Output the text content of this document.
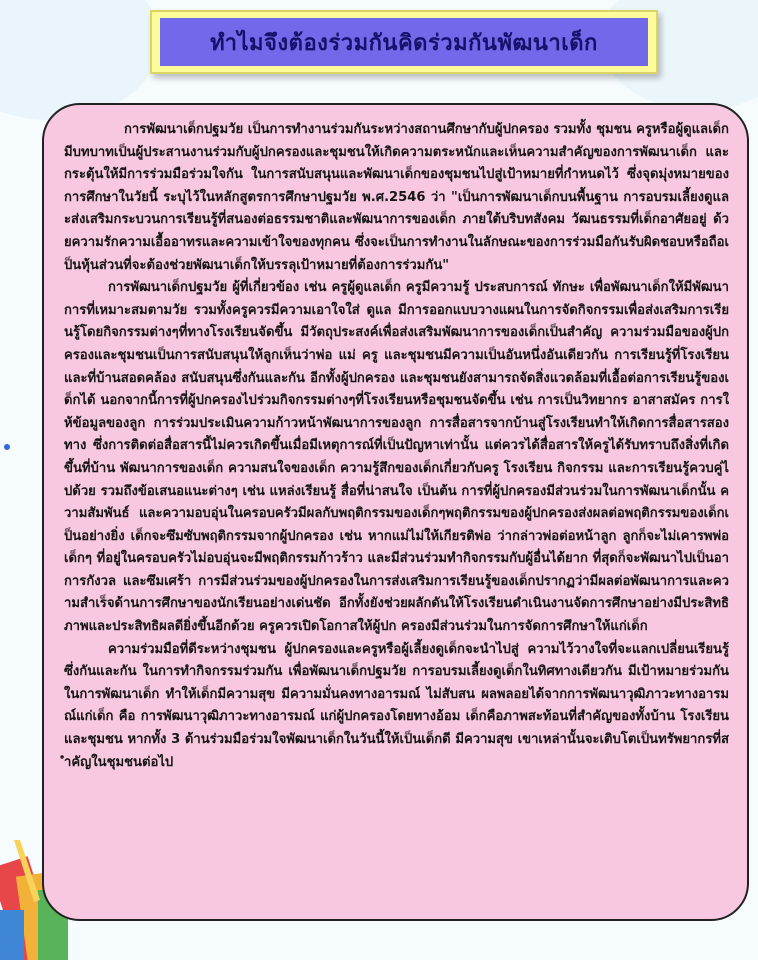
ทำไมจึงต้องร่วมกันคิดร่วมกันพัฒนาเด็ก

การพัฒนาเด็กปฐมวัย เป็นการทำงานร่วมกันระหว่างสถานศึกษากับผู้ปกครอง รวมทั้ง ชุมชน ครูหรือผู้ดูแลเด็กมีบทบาทเป็นผู้ประสานงานร่วมกับผู้ปกครองและชุมชนให้เกิดความตระหนักและเห็นความสำคัญของการพัฒนาเด็ก และกระตุ้นให้มีการร่วมมือร่วมใจกัน ในการสนับสนุนและพัฒนาเด็กของชุมชนไปสู่เป้าหมายที่กำหนดไว้ ซึ่งจุดมุ่งหมายของการศึกษาในวัยนี้ ระบุไว้ในหลักสูตรการศึกษาปฐมวัย พ.ศ.2546 ว่า "เป็นการพัฒนาเด็กบนพื้นฐาน การอบรมเลี้ยงดูและส่งเสริมกระบวนการเรียนรู้ที่สนองต่อธรรมชาติและพัฒนาการของเด็ก ภายใต้บริบทสังคม วัฒนธรรมที่เด็กอาศัยอยู่ ด้วยความรักความเอื้ออาทรและความเข้าใจของทุกคน ซึ่งจะเป็นการทำงานในลักษณะของการร่วมมือกันรับผิดชอบหรือถือเป็นหุ้นส่วนที่จะต้องช่วยพัฒนาเด็กให้บรรลุเป้าหมายที่ต้องการร่วมกัน"

การพัฒนาเด็กปฐมวัย ผู้ที่เกี่ยวข้อง เช่น ครูผู้ดูแลเด็ก ครูมีความรู้ ประสบการณ์ ทักษะ เพื่อพัฒนาเด็กให้มีพัฒนาการที่เหมาะสมตามวัย รวมทั้งครูควรมีความเอาใจใส่ ดูแล มีการออกแบบวางแผนในการจัดกิจกรรมเพื่อส่งเสริมการเรียนรู้โดยกิจกรรมต่างๆที่ทางโรงเรียนจัดขึ้น มีวัตถุประสงค์เพื่อส่งเสริมพัฒนาการของเด็กเป็นสำคัญ ความร่วมมือของผู้ปกครองและชุมชนเป็นการสนับสนุนให้ลูกเห็นว่าพ่อ แม่ ครู และชุมชนมีความเป็นอันหนึ่งอันเดียวกัน การเรียนรู้ที่โรงเรียนและที่บ้านสอดคล้อง สนับสนุนซึ่งกันและกัน อีกทั้งผู้ปกครอง และชุมชนยังสามารถจัดสิ่งแวดล้อมที่เอื้อต่อการเรียนรู้ของเด็กได้ นอกจากนี้การที่ผู้ปกครองไปร่วมกิจกรรมต่างๆที่โรงเรียนหรือชุมชนจัดขึ้น เช่น การเป็นวิทยากร อาสาสมัคร การให้ข้อมูลของลูก การร่วมประเมินความก้าวหน้าพัฒนาการของลูก การสื่อสารจากบ้านสู่โรงเรียนทำให้เกิดการสื่อสารสองทาง ซึ่งการติดต่อสื่อสารนี้ไม่ควรเกิดขึ้นเมื่อมีเหตุการณ์ที่เป็นปัญหาเท่านั้น แต่ควรได้สื่อสารให้ครูได้รับทราบถึงสิ่งที่เกิดขึ้นที่บ้าน พัฒนาการของเด็ก ความสนใจของเด็ก ความรู้สึกของเด็กเกี่ยวกับครู โรงเรียน กิจกรรม และการเรียนรู้ควบคู่ไปด้วย รวมถึงข้อเสนอแนะต่างๆ เช่น แหล่งเรียนรู้ สื่อที่น่าสนใจ เป็นต้น การที่ผู้ปกครองมีส่วนร่วมในการพัฒนาเด็กนั้น ความสัมพันธ์ และความอบอุ่นในครอบครัวมีผลกับพฤติกรรมของเด็กๆพฤติกรรมของผู้ปกครองส่งผลต่อพฤติกรรมของเด็กเป็นอย่างยิ่ง เด็กจะซึมซับพฤติกรรมจากผู้ปกครอง เช่น หากแม่ไม่ให้เกียรติพ่อ ว่ากล่าวพ่อต่อหน้าลูก ลูกก็จะไม่เคารพพ่อ เด็กๆ ที่อยู่ในครอบครัวไม่อบอุ่นจะมีพฤติกรรมก้าวร้าว และมีส่วนร่วมทำกิจกรรมกับผู้อื่นได้ยาก ที่สุดก็จะพัฒนาไปเป็นอาการกังวล และซึมเศร้า การมีส่วนร่วมของผู้ปกครองในการส่งเสริมการเรียนรู้ของเด็กปรากฏว่ามีผลต่อพัฒนาการและความสำเร็จด้านการศึกษาของนักเรียนอย่างเด่นชัด อีกทั้งยังช่วยผลักดันให้โรงเรียนดำเนินงานจัดการศึกษาอย่างมีประสิทธิภาพและประสิทธิผลดียิ่งขึ้นอีกด้วย ครูควรเปิดโอกาสให้ผู้ปก ครองมีส่วนร่วมในการจัดการศึกษาให้แก่เด็ก

ความร่วมมือที่ดีระหว่างชุมชน ผู้ปกครองและครูหรือผู้เลี้ยงดูเด็กจะนำไปสู่ ความไว้วางใจที่จะแลกเปลี่ยนเรียนรู้ซึ่งกันและกัน ในการทำกิจกรรมร่วมกัน เพื่อพัฒนาเด็กปฐมวัย การอบรมเลี้ยงดูเด็กในทิศทางเดียวกัน มีเป้าหมายร่วมกันในการพัฒนาเด็ก ทำให้เด็กมีความสุข มีความมั่นคงทางอารมณ์ ไม่สับสน ผลพลอยได้จากการพัฒนาวุฒิภาวะทางอารมณ์แก่เด็ก คือ การพัฒนาวุฒิภาวะทางอารมณ์ แก่ผู้ปกครองโดยทางอ้อม เด็กคือภาพสะท้อนที่สำคัญของทั้งบ้าน โรงเรียน และชุมชน หากทั้ง 3 ด้านร่วมมือร่วมใจพัฒนาเด็กในวันนี้ให้เป็นเด็กดี มีความสุข เขาเหล่านั้นจะเติบโตเป็นทรัพยากรที่สำคัญในชุมชนต่อไป
